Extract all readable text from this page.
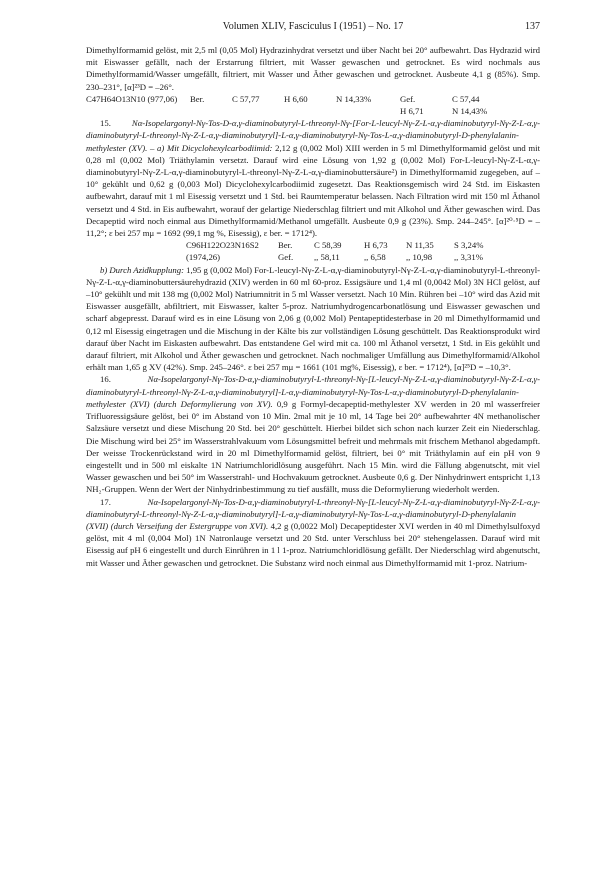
Volumen XLIV, Fasciculus I (1951) – No. 17	137

Dimethylformamid gelöst, mit 2,5 ml (0,05 Mol) Hydrazinhydrat versetzt und über Nacht bei 20° aufbewahrt. Das Hydrazid wird mit Eiswasser gefällt, nach der Erstarrung filtriert, mit Wasser gewaschen und getrocknet. Es wird nochmals aus Dimethylformamid/Wasser umgefällt, filtriert, mit Wasser und Äther gewaschen und getrocknet. Ausbeute 4,1 g (85%). Smp. 230–231°, [α]²³D = –26°.

C47H64O13N10 (977,06)	Ber.	C 57,77	H 6,60	N 14,33%	Gef.	C 57,44
H 6,71	N 14,43%

15. Nα-Isopelargonyl-Nγ-Tos-D-α,γ-diaminobutyryl-L-threonyl-Nγ-[For-L-leucyl-Nγ-Z-L-α,γ-diaminobutyryl-Nγ-Z-L-α,γ-diaminobutyryl-L-threonyl-Nγ-Z-L-α,γ-diaminobutyryl]-L-α,γ-diaminobutyryl-Nγ-Tos-L-α,γ-diaminobutyryl-D-phenylalanin-methylester (XV). – a) Mit Dicyclohexylcarbodiimid: 2,12 g (0,002 Mol) XIII werden in 5 ml Dimethylformamid gelöst und mit 0,28 ml (0,002 Mol) Triäthylamin versetzt. Darauf wird eine Lösung von 1,92 g (0,002 Mol) For-L-leucyl-Nγ-Z-L-α,γ-diaminobutyryl-Nγ-Z-L-α,γ-diaminobutyryl-L-threonyl-Nγ-Z-L-α,γ-diaminobuttersäure²) in Dimethylformamid zugegeben, auf –10° gekühlt und 0,62 g (0,003 Mol) Dicyclohexylcarbodiimid zugesetzt. Das Reaktionsgemisch wird 24 Std. im Eiskasten aufbewahrt, darauf mit 1 ml Eisessig versetzt und 1 Std. bei Raumtemperatur belassen. Nach Filtration wird mit 150 ml Äthanol versetzt und 4 Std. in Eis aufbewahrt, worauf der gelartige Niederschlag filtriert und mit Alkohol und Äther gewaschen wird. Das Decapeptid wird noch einmal aus Dimethylformamid/Methanol umgefällt. Ausbeute 0,9 g (23%). Smp. 244–245°. [α]²⁰·⁵D = –11,2°; ε bei 257 mμ = 1692 (99,1 mg %, Eisessig), ε ber. = 1712⁴).

C96H122O23N16S2	Ber.	C 58,39	H 6,73	N 11,35	S 3,24%
(1974,26)	Gef.	,, 58,11	,, 6,58	,, 10,98	,, 3,31%

b) Durch Azidkupplung: 1,95 g (0,002 Mol) For-L-leucyl-Nγ-Z-L-α,γ-diaminobutyryl-Nγ-Z-L-α,γ-diaminobutyryl-L-threonyl-Nγ-Z-L-α,γ-diaminobuttersäurehydrazid (XIV) werden in 60 ml 60-proz. Essigsäure und 1,4 ml (0,0042 Mol) 3N HCl gelöst, auf –10° gekühlt und mit 138 mg (0,002 Mol) Natriumnitrit in 5 ml Wasser versetzt. Nach 10 Min. Rühren bei –10° wird das Azid mit Eiswasser ausgefällt, abfiltriert, mit Eiswasser, kalter 5-proz. Natriumhydrogencarbonatlösung und Eiswasser gewaschen und scharf abgepresst. Darauf wird es in eine Lösung von 2,06 g (0,002 Mol) Pentapeptidesterbase in 20 ml Dimethylformamid und 0,12 ml Eisessig eingetragen und die Mischung in der Kälte bis zur vollständigen Lösung geschüttelt. Das Reaktionsprodukt wird darauf über Nacht im Eiskasten aufbewahrt. Das entstandene Gel wird mit ca. 100 ml Äthanol versetzt, 1 Std. in Eis gekühlt und darauf filtriert, mit Alkohol und Äther gewaschen und getrocknet. Nach nochmaliger Umfällung aus Dimethylformamid/Alkohol erhält man 1,65 g XV (42%). Smp. 245–246°. ε bei 257 mμ = 1661 (101 mg%, Eisessig), ε ber. = 1712⁴), [α]²⁵D = –10,3°.

16.	Nα-Isopelargonyl-Nγ-Tos-D-α,γ-diaminobutyryl-L-threonyl-Nγ-[L-leucyl-Nγ-Z-L-α,γ-diaminobutyryl-Nγ-Z-L-α,γ-diaminobutyryl-L-threonyl-Nγ-Z-L-α,γ-diaminobutyryl]-L-α,γ-diaminobutyryl-Nγ-Tos-L-α,γ-diaminobutyryl-D-phenylalanin-methylester (XVI) (durch Deformylierung von XV). 0,9 g Formyl-decapeptid-methylester XV werden in 20 ml wasserfreier Trifluoressigsäure gelöst, bei 0° im Abstand von 10 Min. 2mal mit je 10 ml, 14 Tage bei 20° aufbewahrter 4N methanolischer Salzsäure versetzt und diese Mischung 20 Std. bei 20° geschüttelt. Hierbei bildet sich schon nach kurzer Zeit ein Niederschlag. Die Mischung wird bei 25° im Wasserstrahlvakuum vom Lösungsmittel befreit und mehrmals mit frischem Methanol abgedampft. Der weisse Trockenrückstand wird in 20 ml Dimethylformamid gelöst, filtriert, bei 0° mit Triäthylamin auf ein pH von 9 eingestellt und in 500 ml eiskalte 1N Natriumchloridlösung ausgeführt. Nach 15 Min. wird die Fällung abgenutscht, mit viel Wasser gewaschen und bei 50° im Wasserstrahl- und Hochvakuum getrocknet. Ausbeute 0,6 g. Der Ninhydrinwert entspricht 1,13 NH₂-Gruppen. Wenn der Wert der Ninhydrinbestimmung zu tief ausfällt, muss die Deformylierung wiederholt werden.

17.	Nα-Isopelargonyl-Nγ-Tos-D-α,γ-diaminobutyryl-L-threonyl-Nγ-[L-leucyl-Nγ-Z-L-α,γ-diaminobutyryl-Nγ-Z-L-α,γ-diaminobutyryl-L-threonyl-Nγ-Z-L-α,γ-diaminobutyryl]-L-α,γ-diaminobutyryl-Nγ-Tos-L-α,γ-diaminobutyryl-D-phenylalanin (XVII) (durch Verseifung der Estergruppe von XVI). 4,2 g (0,0022 Mol) Decapeptidester XVI werden in 40 ml Dimethylsulfoxyd gelöst, mit 4 ml (0,004 Mol) 1N Natronlauge versetzt und 20 Std. unter Verschluss bei 20° stehengelassen. Darauf wird mit Eisessig auf pH 6 eingestellt und durch Einrühren in 1 l 1-proz. Natriumchloridlösung gefällt. Der Niederschlag wird abgenutscht, mit Wasser und Äther gewaschen und getrocknet. Die Substanz wird noch einmal aus Dimethylformamid mit 1-proz. Natrium-
